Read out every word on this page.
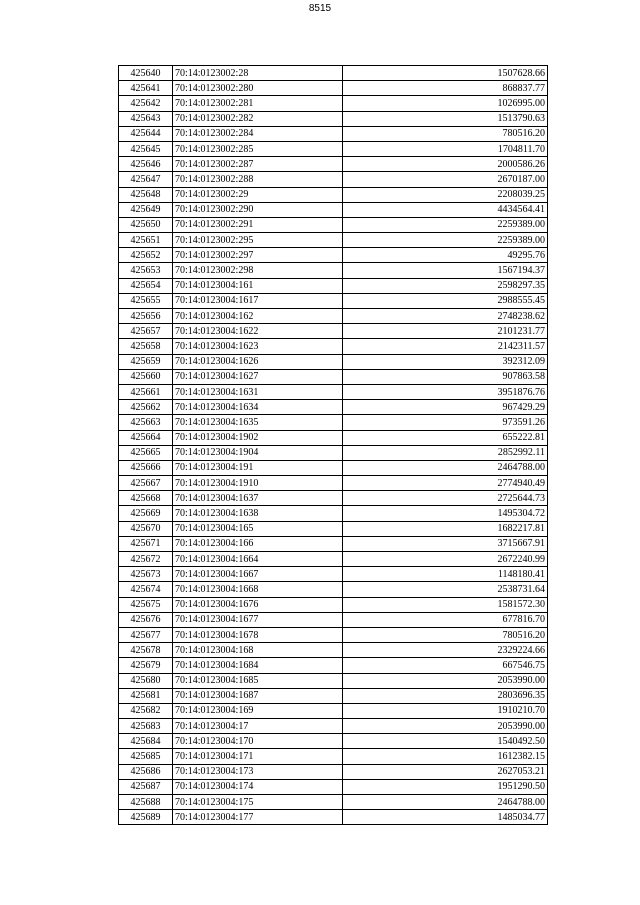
8515
425640	70:14:0123002:28	1507628.66
425641	70:14:0123002:280	868837.77
425642	70:14:0123002:281	1026995.00
425643	70:14:0123002:282	1513790.63
425644	70:14:0123002:284	780516.20
425645	70:14:0123002:285	1704811.70
425646	70:14:0123002:287	2000586.26
425647	70:14:0123002:288	2670187.00
425648	70:14:0123002:29	2208039.25
425649	70:14:0123002:290	4434564.41
425650	70:14:0123002:291	2259389.00
425651	70:14:0123002:295	2259389.00
425652	70:14:0123002:297	49295.76
425653	70:14:0123002:298	1567194.37
425654	70:14:0123004:161	2598297.35
425655	70:14:0123004:1617	2988555.45
425656	70:14:0123004:162	2748238.62
425657	70:14:0123004:1622	2101231.77
425658	70:14:0123004:1623	2142311.57
425659	70:14:0123004:1626	392312.09
425660	70:14:0123004:1627	907863.58
425661	70:14:0123004:1631	3951876.76
425662	70:14:0123004:1634	967429.29
425663	70:14:0123004:1635	973591.26
425664	70:14:0123004:1902	655222.81
425665	70:14:0123004:1904	2852992.11
425666	70:14:0123004:191	2464788.00
425667	70:14:0123004:1910	2774940.49
425668	70:14:0123004:1637	2725644.73
425669	70:14:0123004:1638	1495304.72
425670	70:14:0123004:165	1682217.81
425671	70:14:0123004:166	3715667.91
425672	70:14:0123004:1664	2672240.99
425673	70:14:0123004:1667	1148180.41
425674	70:14:0123004:1668	2538731.64
425675	70:14:0123004:1676	1581572.30
425676	70:14:0123004:1677	677816.70
425677	70:14:0123004:1678	780516.20
425678	70:14:0123004:168	2329224.66
425679	70:14:0123004:1684	667546.75
425680	70:14:0123004:1685	2053990.00
425681	70:14:0123004:1687	2803696.35
425682	70:14:0123004:169	1910210.70
425683	70:14:0123004:17	2053990.00
425684	70:14:0123004:170	1540492.50
425685	70:14:0123004:171	1612382.15
425686	70:14:0123004:173	2627053.21
425687	70:14:0123004:174	1951290.50
425688	70:14:0123004:175	2464788.00
425689	70:14:0123004:177	1485034.77
